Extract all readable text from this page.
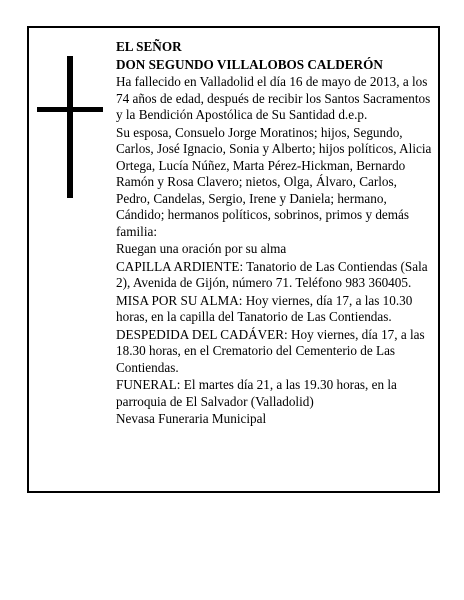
EL SEÑOR

DON SEGUNDO VILLALOBOS CALDERÓN

Ha fallecido en Valladolid el día 16 de mayo de 2013, a los 74 años de edad, después de recibir los Santos Sacramentos y la Bendición Apostólica de Su Santidad d.e.p.

Su esposa, Consuelo Jorge Moratinos; hijos, Segundo, Carlos, José Ignacio, Sonia y Alberto; hijos políticos, Alicia Ortega, Lucía Núñez, Marta Pérez-Hickman, Bernardo Ramón y Rosa Clavero; nietos, Olga, Álvaro, Carlos, Pedro, Candelas, Sergio, Irene y Daniela; hermano, Cándido; hermanos políticos, sobrinos, primos y demás familia:

Ruegan una oración por su alma

CAPILLA ARDIENTE: Tanatorio de Las Contiendas (Sala 2), Avenida de Gijón, número 71. Teléfono 983 360405.

MISA POR SU ALMA: Hoy viernes, día 17, a las 10.30 horas, en la capilla del Tanatorio de Las Contiendas.

DESPEDIDA DEL CADÁVER: Hoy viernes, día 17, a las 18.30 horas, en el Crematorio del Cementerio de Las Contiendas.

FUNERAL: El martes día 21, a las 19.30 horas, en la parroquia de El Salvador (Valladolid)

Nevasa Funeraria Municipal
